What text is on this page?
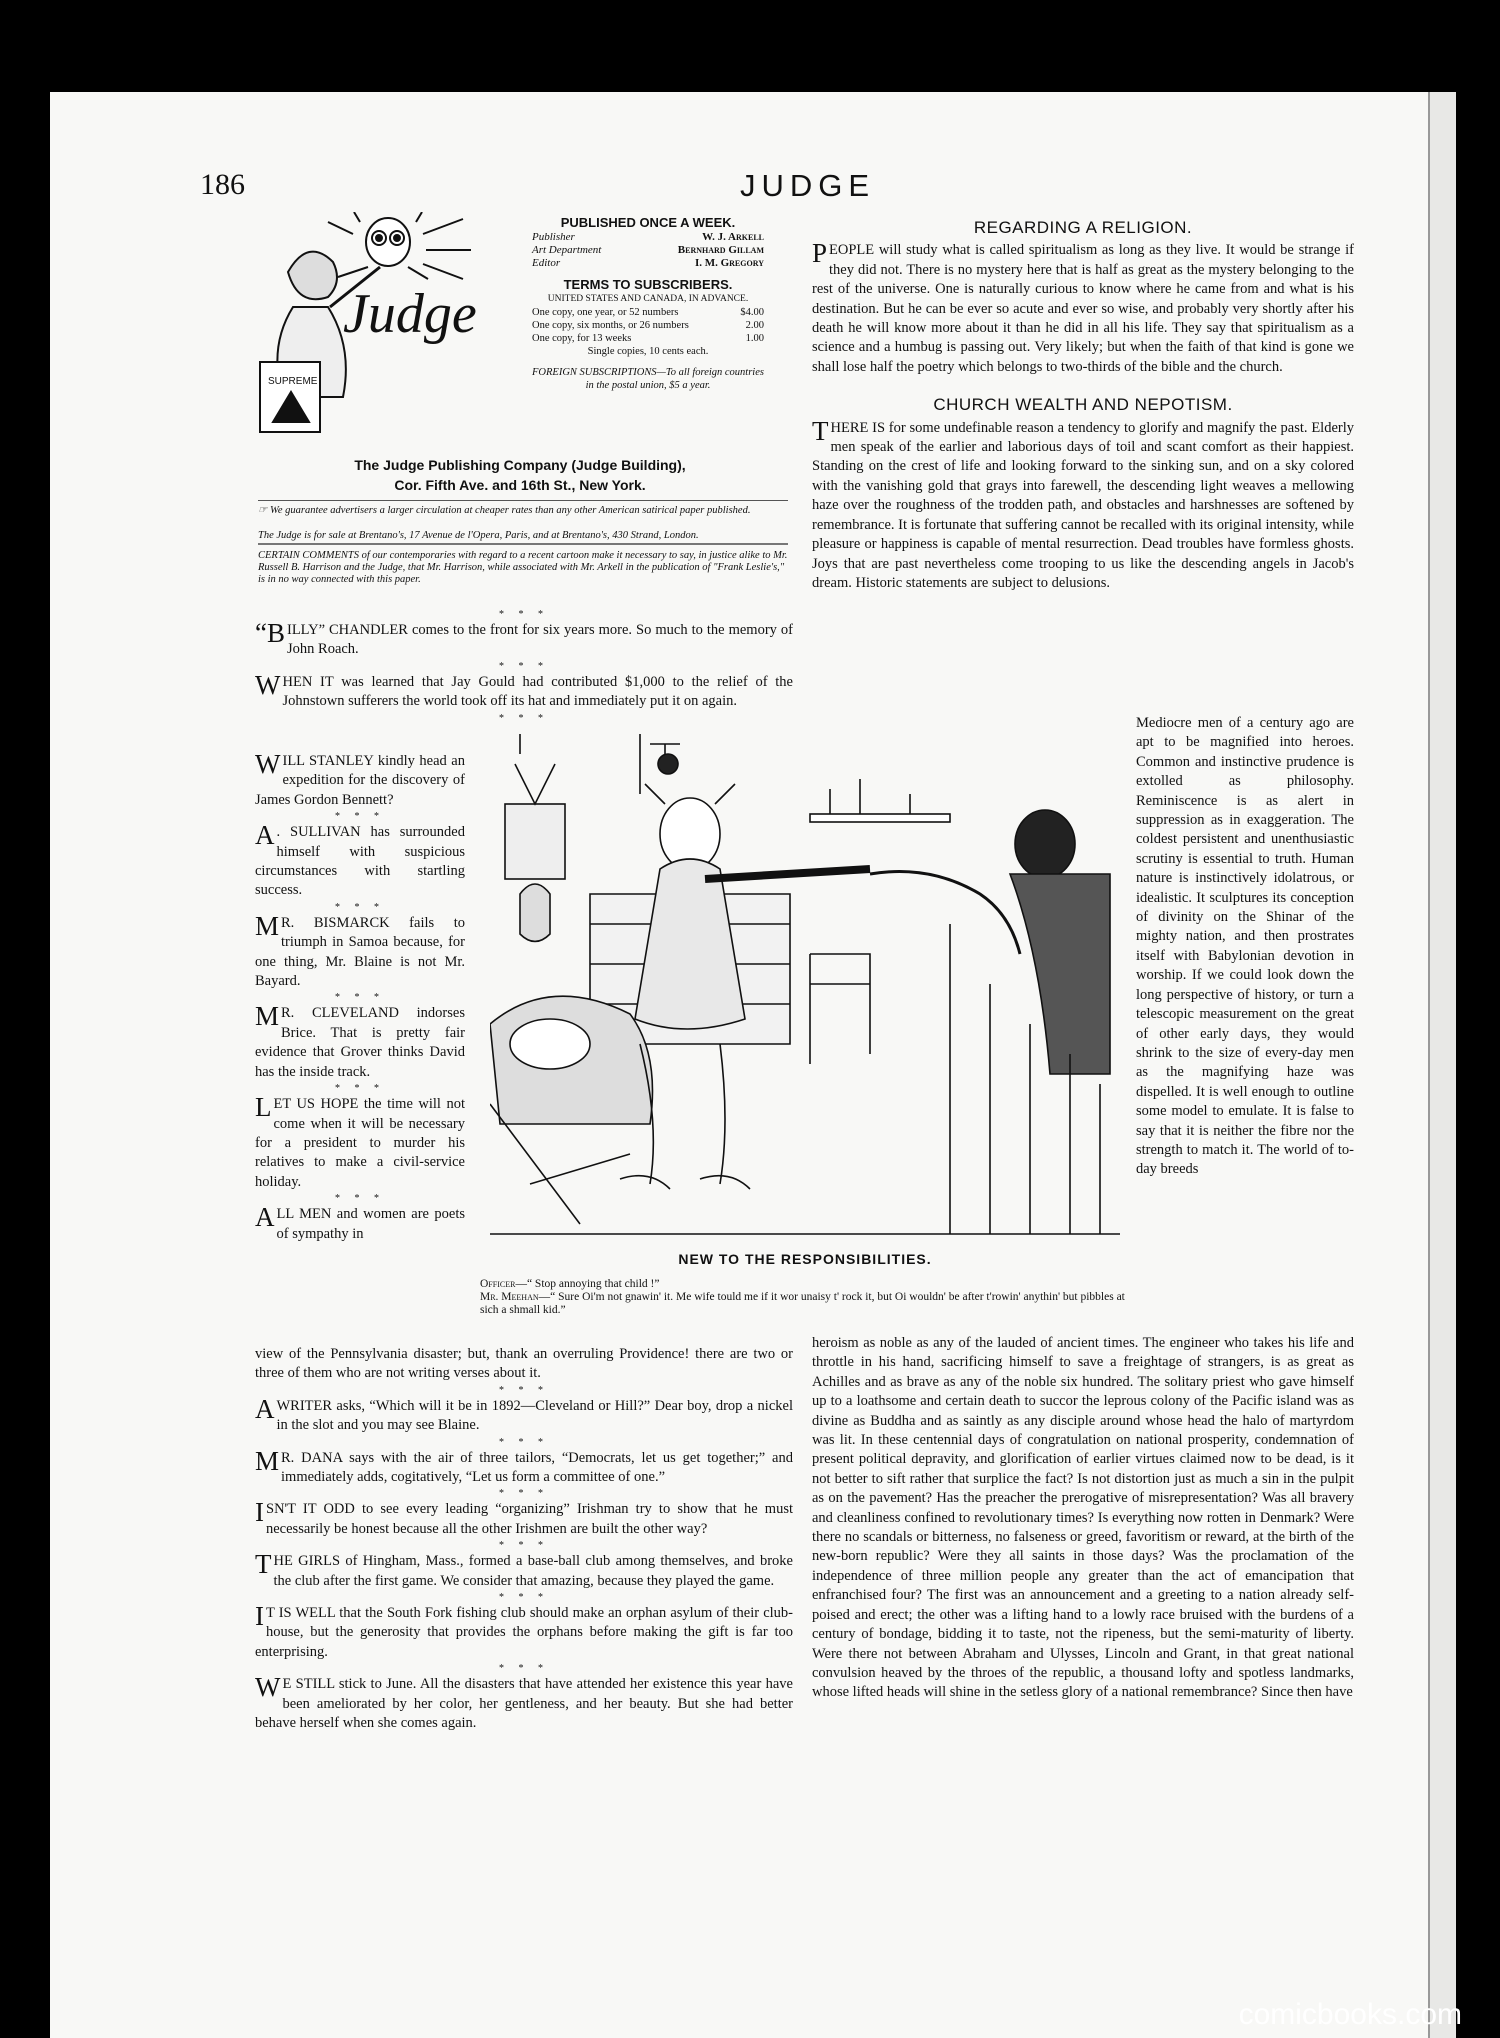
186	JUDGE
SUPREME
Judge
PUBLISHED ONCE A WEEK.
Publisher	W. J. Arkell
Art Department	Bernhard Gillam
Editor	I. M. Gregory
TERMS TO SUBSCRIBERS.
UNITED STATES AND CANADA, IN ADVANCE.
One copy, one year, or 52 numbers	$4.00
One copy, six months, or 26 numbers	2.00
One copy, for 13 weeks	1.00
Single copies, 10 cents each.
FOREIGN SUBSCRIPTIONS—To all foreign countries in the postal union, $5 a year.
The Judge Publishing Company (Judge Building),
Cor. Fifth Ave. and 16th St., New York.
☞ We guarantee advertisers a larger circulation at cheaper rates than any other American satirical paper published.
The Judge is for sale at Brentano's, 17 Avenue de l'Opera, Paris, and at Brentano's, 430 Strand, London.
CERTAIN COMMENTS of our contemporaries with regard to a recent cartoon make it necessary to say, in justice alike to Mr. Russell B. Harrison and the Judge, that Mr. Harrison, while associated with Mr. Arkell in the publication of "Frank Leslie's," is in no way connected with this paper.
* * *

“BILLY” CHANDLER comes to the front for six years more. So much to the memory of John Roach.

* * *

WHEN IT was learned that Jay Gould had contributed $1,000 to the relief of the Johnstown sufferers the world took off its hat and immediately put it on again.

* * *

WILL STANLEY kindly head an expedition for the discovery of James Gordon Bennett?

* * *

A . SULLIVAN has surrounded himself with suspicious circumstances with startling success.

* * *

M R. BISMARCK fails to triumph in Samoa because, for one thing, Mr. Blaine is not Mr. Bayard.

* * *

M R. CLEVELAND indorses Brice. That is pretty fair evidence that Grover thinks David has the inside track.

* * *

LET US HOPE the time will not come when it will be necessary for a president to murder his relatives to make a civil-service holiday.

* * *

ALL MEN and women are poets of sympathy in

view of the Pennsylvania disaster; but, thank an overruling Providence! there are two or three of them who are not writing verses about it.

* * *

A WRITER asks, “Which will it be in 1892—Cleveland or Hill?” Dear boy, drop a nickel in the slot and you may see Blaine.

* * *

M R. DANA says with the air of three tailors, “Democrats, let us get together;” and immediately adds, cogitatively, “Let us form a committee of one.”

* * *

ISN'T IT ODD to see every leading “organizing” Irishman try to show that he must necessarily be honest because all the other Irishmen are built the other way?

* * *

THE GIRLS of Hingham, Mass., formed a base-ball club among themselves, and broke the club after the first game. We consider that amazing, because they played the game.

* * *

I T IS WELL that the South Fork fishing club should make an orphan asylum of their club-house, but the generosity that provides the orphans before making the gift is far too enterprising.

* * *

W E STILL stick to June. All the disasters that have attended her existence this year have been ameliorated by her color, her gentleness, and her beauty. But she had better behave herself when she comes again.

REGARDING A RELIGION.

PEOPLE will study what is called spiritualism as long as they live. It would be strange if they did not. There is no mystery here that is half as great as the mystery belonging to the rest of the universe. One is naturally curious to know where he came from and what is his destination. But he can be ever so acute and ever so wise, and probably very shortly after his death he will know more about it than he did in all his life. They say that spiritualism as a science and a humbug is passing out. Very likely; but when the faith of that kind is gone we shall lose half the poetry which belongs to two-thirds of the bible and the church.

CHURCH WEALTH AND NEPOTISM.

THERE IS for some undefinable reason a tendency to glorify and magnify the past. Elderly men speak of the earlier and laborious days of toil and scant comfort as their happiest. Standing on the crest of life and looking forward to the sinking sun, and on a sky colored with the vanishing gold that grays into farewell, the descending light weaves a mellowing haze over the roughness of the trodden path, and obstacles and harshnesses are softened by remembrance. It is fortunate that suffering cannot be recalled with its original intensity, while pleasure or happiness is capable of mental resurrection. Dead troubles have formless ghosts. Joys that are past nevertheless come trooping to us like the descending angels in Jacob's dream. Historic statements are subject to delusions.

Mediocre men of a century ago are apt to be magnified into heroes. Common and instinctive prudence is extolled as philosophy. Reminiscence is as alert in suppression as in exaggeration. The coldest persistent and unenthusiastic scrutiny is essential to truth. Human nature is instinctively idolatrous, or idealistic. It sculptures its conception of divinity on the Shinar of the mighty nation, and then prostrates itself with Babylonian devotion in worship. If we could look down the long perspective of history, or turn a telescopic measurement on the great of other early days, they would shrink to the size of every-day men as the magnifying haze was dispelled. It is well enough to outline some model to emulate. It is false to say that it is neither the fibre nor the strength to match it. The world of to-day breeds

heroism as noble as any of the lauded of ancient times. The engineer who takes his life and throttle in his hand, sacrificing himself to save a freightage of strangers, is as great as Achilles and as brave as any of the noble six hundred. The solitary priest who gave himself up to a loathsome and certain death to succor the leprous colony of the Pacific island was as divine as Buddha and as saintly as any disciple around whose head the halo of martyrdom was lit. In these centennial days of congratulation on national prosperity, condemnation of present political depravity, and glorification of earlier virtues claimed now to be dead, is it not better to sift rather that surplice the fact? Is not distortion just as much a sin in the pulpit as on the pavement? Has the preacher the prerogative of misrepresentation? Was all bravery and cleanliness confined to revolutionary times? Is everything now rotten in Denmark? Were there no scandals or bitterness, no falseness or greed, favoritism or reward, at the birth of the new-born republic? Were they all saints in those days? Was the proclamation of the independence of three million people any greater than the act of emancipation that enfranchised four? The first was an announcement and a greeting to a nation already self-poised and erect; the other was a lifting hand to a lowly race bruised with the burdens of a century of bondage, bidding it to taste, not the ripeness, but the semi-maturity of liberty. Were there not between Abraham and Ulysses, Lincoln and Grant, in that great national convulsion heaved by the throes of the republic, a thousand lofty and spotless landmarks, whose lifted heads will shine in the setless glory of a national remembrance? Since then have

NEW TO THE RESPONSIBILITIES.
Officer—“ Stop annoying that child !”
Mr. Meehan—“ Sure Oi'm not gnawin' it. Me wife tould me if it wor unaisy t' rock it, but Oi wouldn' be after t'rowin' anythin' but pibbles at sich a shmall kid.”
comicbooks.com
